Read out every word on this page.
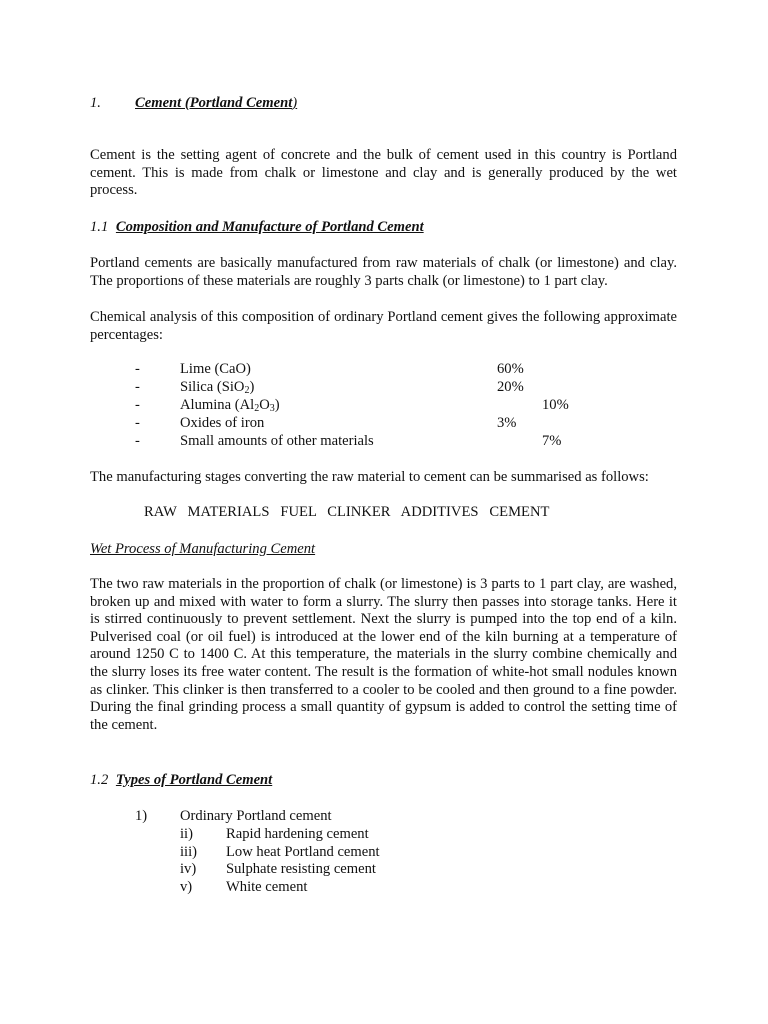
1. Cement (Portland Cement)

Cement is the setting agent of concrete and the bulk of cement used in this country is Portland cement. This is made from chalk or limestone and clay and is generally produced by the wet process.

1.1 Composition and Manufacture of Portland Cement

Portland cements are basically manufactured from raw materials of chalk (or limestone) and clay. The proportions of these materials are roughly 3 parts chalk (or limestone) to 1 part clay.

Chemical analysis of this composition of ordinary Portland cement gives the following approximate percentages:

-	Lime (CaO)	60%
-	Silica (SiO$_2$)	20%
-	Alumina $(Al_2O_3)$	10%
-	Oxides of iron	3%
-	Small amounts of other materials	7%

The manufacturing stages converting the raw material to cement can be summarised as follows:

RAW   MATERIALS   FUEL   CLINKER   ADDITIVES   CEMENT
Wet Process of Manufacturing Cement

The two raw materials in the proportion of chalk (or limestone) is 3 parts to 1 part clay, are washed, broken up and mixed with water to form a slurry. The slurry then passes into storage tanks. Here it is stirred continuously to prevent settlement. Next the slurry is pumped into the top end of a kiln. Pulverised coal (or oil fuel) is introduced at the lower end of the kiln burning at a temperature of around 1250 C to 1400 C. At this temperature, the materials in the slurry combine chemically and the slurry loses its free water content. The result is the formation of white-hot small nodules known as clinker. This clinker is then transferred to a cooler to be cooled and then ground to a fine powder. During the final grinding process a small quantity of gypsum is added to control the setting time of the cement.

1.2 Types of Portland Cement
1) Ordinary Portland cement
ii) Rapid hardening cement
iii) Low heat Portland cement
iv) Sulphate resisting cement
v) White cement
